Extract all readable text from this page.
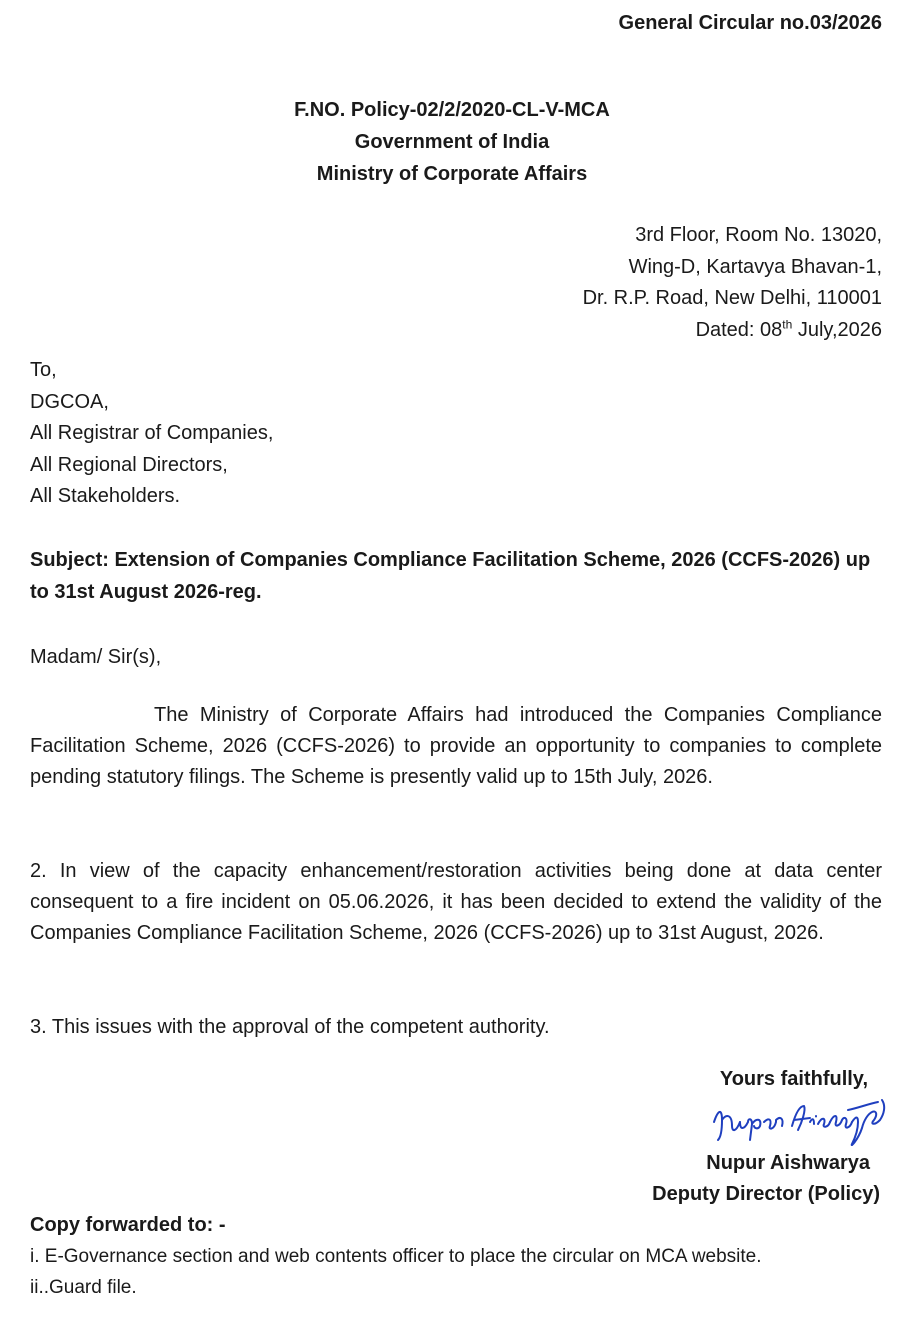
General Circular no.03/2026
F.NO. Policy-02/2/2020-CL-V-MCA
Government of India
Ministry of Corporate Affairs
3rd Floor, Room No. 13020,
Wing-D, Kartavya Bhavan-1,
Dr. R.P. Road, New Delhi, 110001
Dated: 08th July,2026
To,
DGCOA,
All Registrar of Companies,
All Regional Directors,
All Stakeholders.
Subject: Extension of Companies Compliance Facilitation Scheme, 2026 (CCFS-2026) up to 31st August 2026-reg.
Madam/ Sir(s),
The Ministry of Corporate Affairs had introduced the Companies Compliance Facilitation Scheme, 2026 (CCFS-2026) to provide an opportunity to companies to complete pending statutory filings. The Scheme is presently valid up to 15th July, 2026.
2. In view of the capacity enhancement/restoration activities being done at data center consequent to a fire incident on 05.06.2026, it has been decided to extend the validity of the Companies Compliance Facilitation Scheme, 2026 (CCFS-2026) up to 31st August, 2026.
3. This issues with the approval of the competent authority.
Yours faithfully,
Nupur Aishwarya
Deputy Director (Policy)
Copy forwarded to: -
i. E-Governance section and web contents officer to place the circular on MCA website.
ii..Guard file.
